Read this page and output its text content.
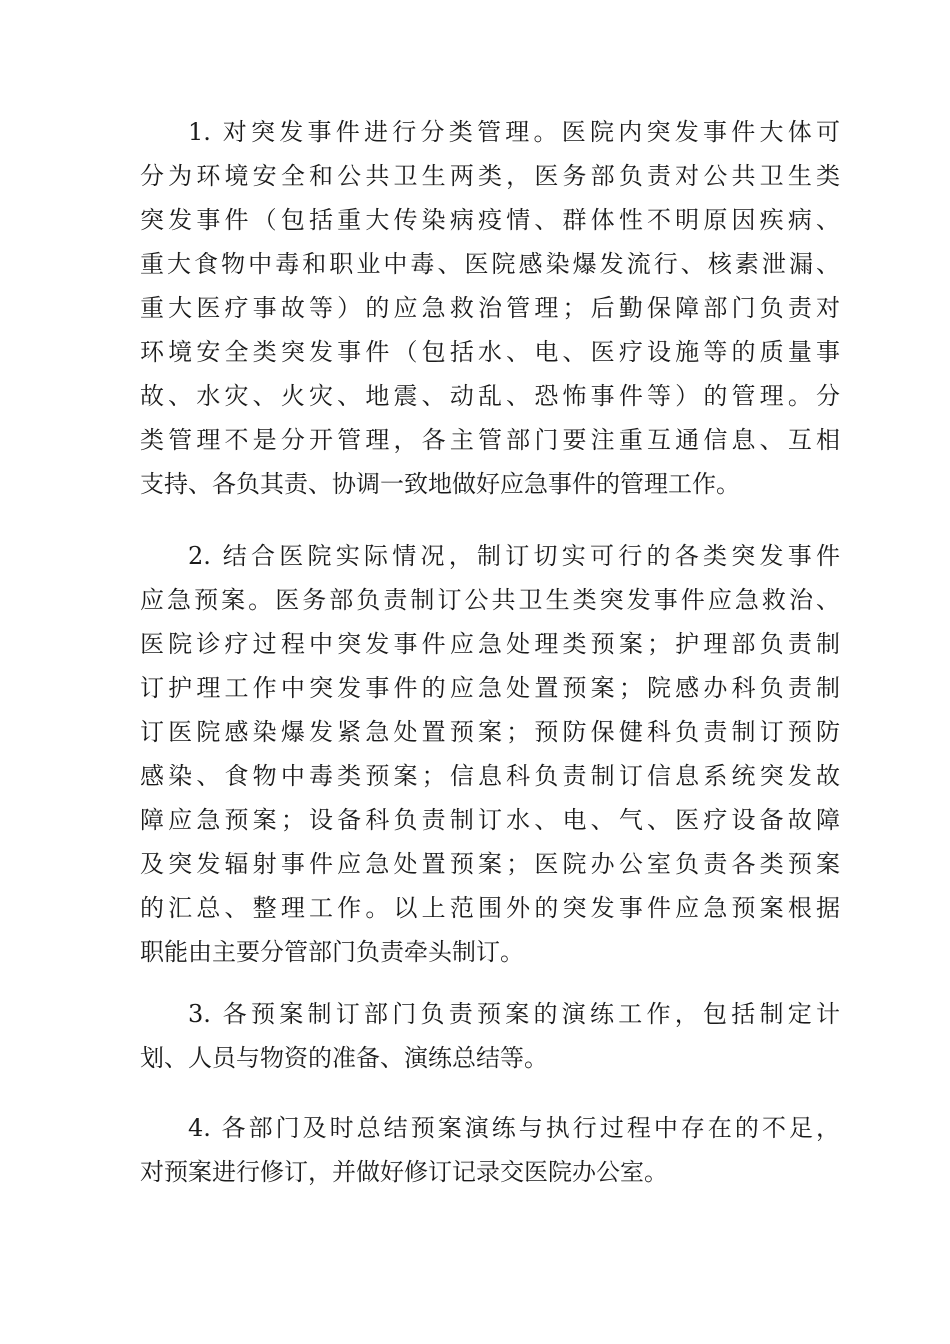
1. 对突发事件进行分类管理。医院内突发事件大体可
分为环境安全和公共卫生两类，医务部负责对公共卫生类
突发事件（包括重大传染病疫情、群体性不明原因疾病、
重大食物中毒和职业中毒、医院感染爆发流行、核素泄漏、
重大医疗事故等）的应急救治管理；后勤保障部门负责对
环境安全类突发事件（包括水、电、医疗设施等的质量事
故、水灾、火灾、地震、动乱、恐怖事件等）的管理。分
类管理不是分开管理，各主管部门要注重互通信息、互相
支持、各负其责、协调一致地做好应急事件的管理工作。
2. 结合医院实际情况，制订切实可行的各类突发事件
应急预案。医务部负责制订公共卫生类突发事件应急救治、
医院诊疗过程中突发事件应急处理类预案；护理部负责制
订护理工作中突发事件的应急处置预案；院感办科负责制
订医院感染爆发紧急处置预案；预防保健科负责制订预防
感染、食物中毒类预案；信息科负责制订信息系统突发故
障应急预案；设备科负责制订水、电、气、医疗设备故障
及突发辐射事件应急处置预案；医院办公室负责各类预案
的汇总、整理工作。以上范围外的突发事件应急预案根据
职能由主要分管部门负责牵头制订。
3. 各预案制订部门负责预案的演练工作，包括制定计
划、人员与物资的准备、演练总结等。
4. 各部门及时总结预案演练与执行过程中存在的不足，
对预案进行修订，并做好修订记录交医院办公室。
